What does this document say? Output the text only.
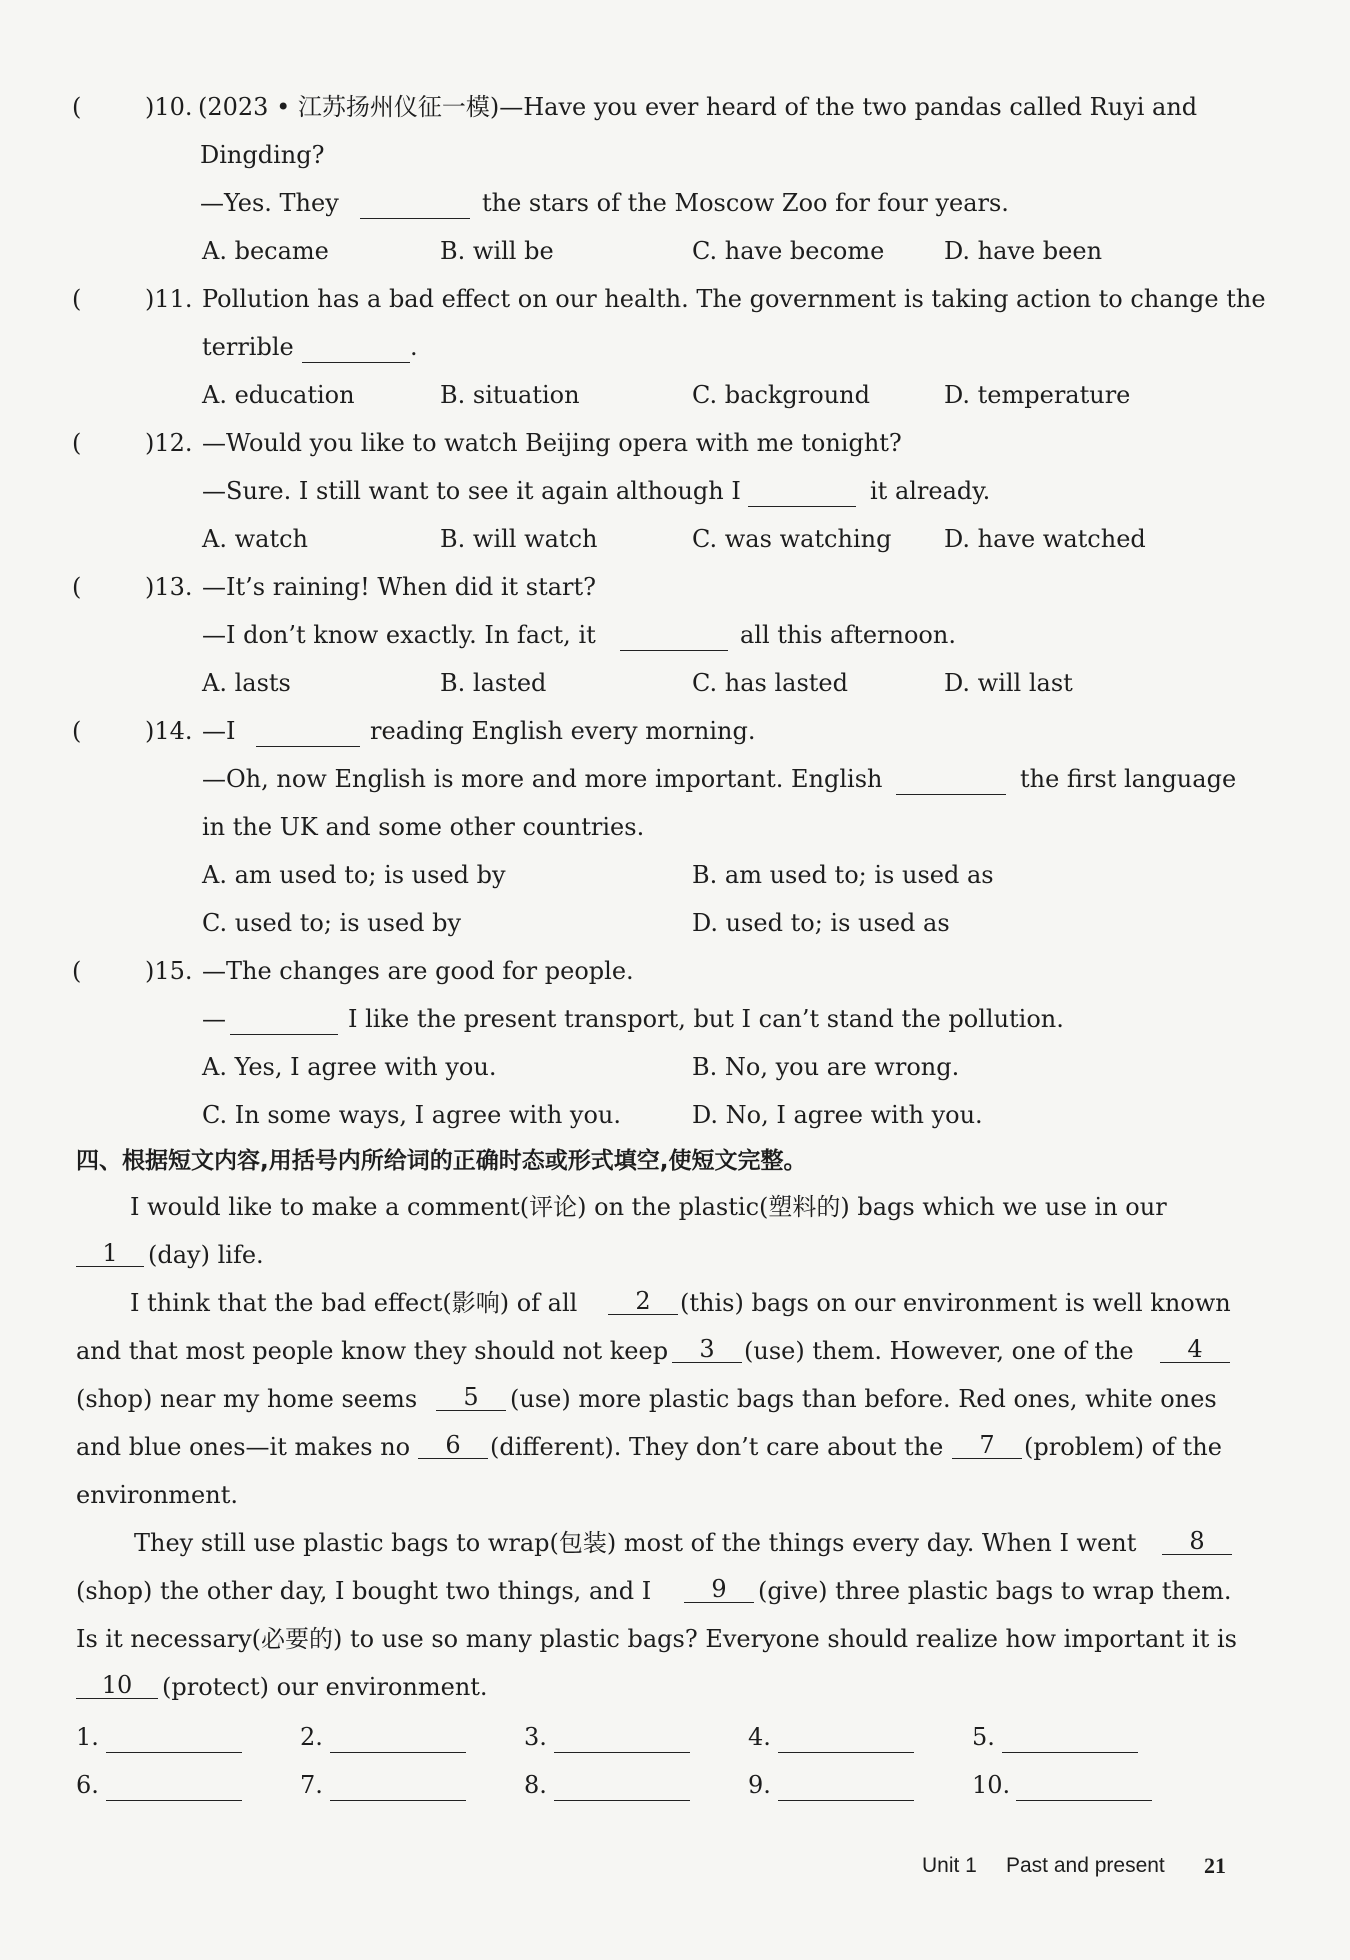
(	)10. (2023 • 江苏扬州仪征一模)—Have you ever heard of the two pandas called Ruyi and
Dingding?
—Yes. They	the stars of the Moscow Zoo for four years.
A. became	B. will be	C. have become D. have been
(	)11. Pollution has a bad effect on our health. The government is taking action to change the
terrible	.
A. education	B. situation	C. background	D. temperature
(	)12. —Would you like to watch Beijing opera with me tonight?
—Sure. I still want to see it again although I	it already.
A. watch	B. will watch	C. was watching D. have watched
(	)13. —It’s raining! When did it start?
—I don’t know exactly. In fact, it	all this afternoon.
A. lasts	B. lasted	C. has lasted	D. will last
(	)14. —I	reading English every morning.
—Oh, now English is more and more important. English	the first language
in the UK and some other countries.
A. am used to; is used by	B. am used to; is used as
C. used to; is used by	D. used to; is used as
(	)15. —The changes are good for people.
—	I like the present transport, but I can’t stand the pollution.
A. Yes, I agree with you.	B. No, you are wrong.
C. In some ways, I agree with you.	D. No, I agree with you.
四、根据短文内容,用括号内所给词的正确时态或形式填空,使短文完整。
I would like to make a comment(评论) on the plastic(塑料的) bags which we use in our
1	(day) life.
I think that the bad effect(影响) of all	2	(this) bags on our environment is well known
and that most people know they should not keep	3	(use) them. However, one of the	4
(shop) near my home seems	5	(use) more plastic bags than before. Red ones, white ones
and blue ones—it makes no	6	(different). They don’t care about the	7	(problem) of the
environment.
They still use plastic bags to wrap(包装) most of the things every day. When I went	8
(shop) the other day, I bought two things, and I	9	(give) three plastic bags to wrap them.
Is it necessary(必要的) to use so many plastic bags? Everyone should realize how important it is
10	(protect) our environment.
1.	2.	3.	4.	5.
6.	7.	8.	9.	10.
Unit 1 Past and present 21
